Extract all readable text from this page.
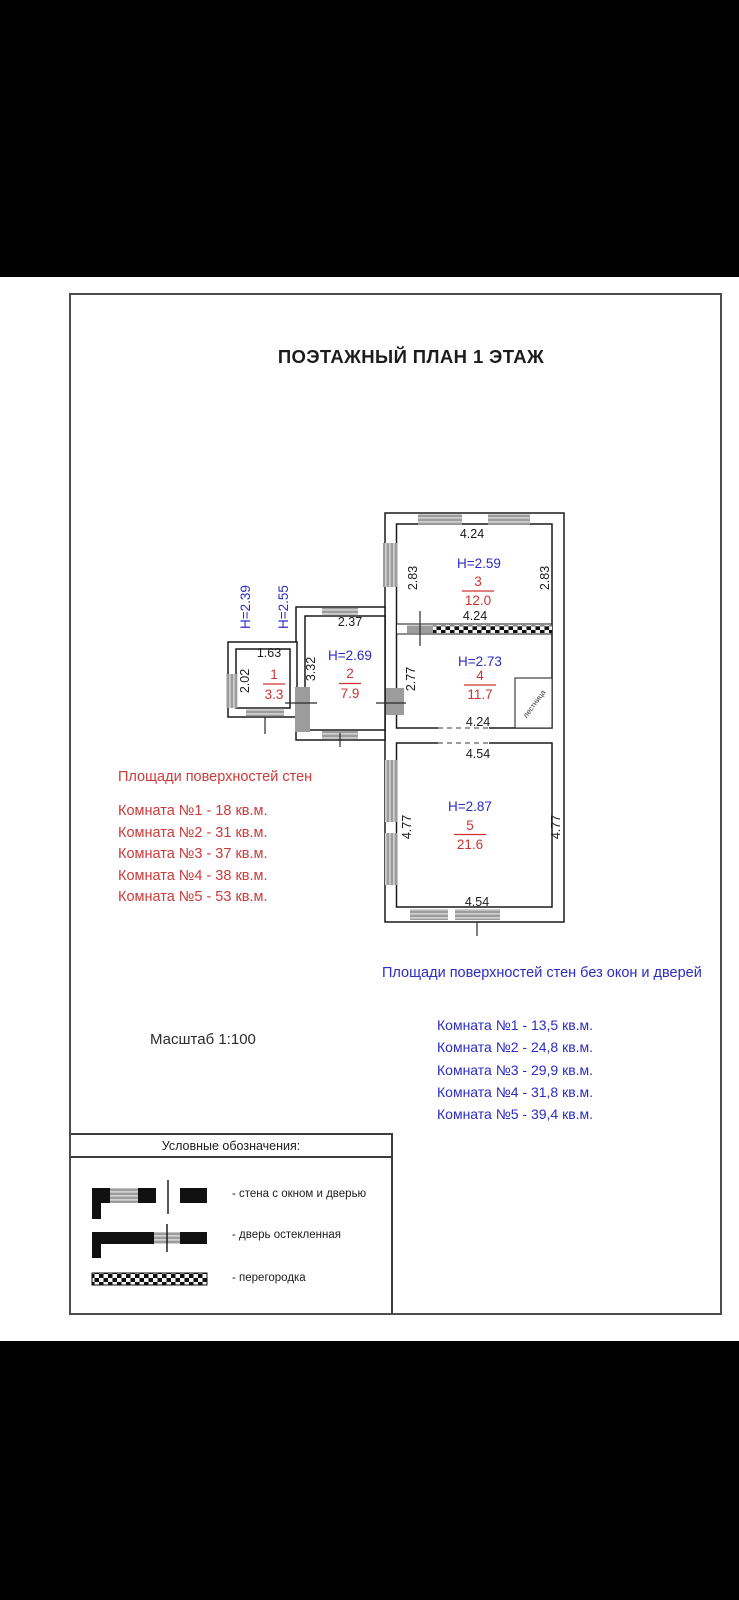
ПОЭТАЖНЫЙ ПЛАН 1 ЭТАЖ
лестница
4.24
2.83	2.83
4.24
2.37
1.63
2.02	3.32	2.77
4.24
4.54
4.77	4.77
4.54
Н=2.39 Н=2.55
Н=2.59
Н=2.69	Н=2.73
Н=2.87
1
3.3
2
7.9
3
12.0
4
11.7
5
21.6
Площади поверхностей стен
Комната №1 - 18 кв.м.
Комната №2 - 31 кв.м.
Комната №3 - 37 кв.м.
Комната №4 - 38 кв.м.
Комната №5 - 53 кв.м.
Площади поверхностей стен без окон и дверей
Комната №1 - 13,5 кв.м.
Комната №2 - 24,8 кв.м.
Комната №3 - 29,9 кв.м.
Комната №4 - 31,8 кв.м.
Комната №5 - 39,4 кв.м.
Масштаб 1:100
Условные обозначения:
- стена с окном и дверью
- дверь остекленная
- перегородка
